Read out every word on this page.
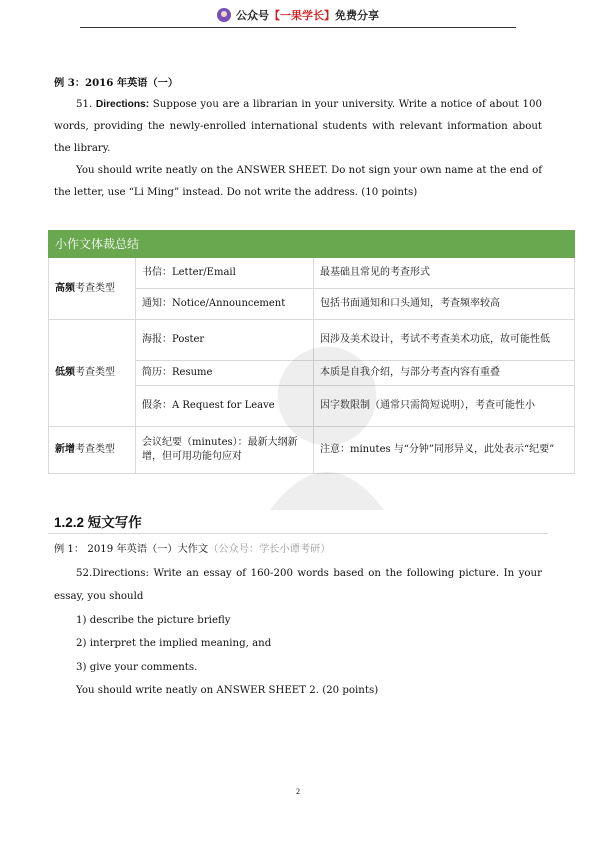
公众号 【 一果学长 】 免费分享

例 3：2016 年英语（一）

51. Directions: Suppose you are a librarian in your university. Write a notice of about 100 words, providing the newly-enrolled international students with relevant information about the library.

You should write neatly on the ANSWER SHEET. Do not sign your own name at the end of the letter, use “Li Ming” instead. Do not write the address. (10 points)

小作文体裁总结		
高频考查类型	书信：Letter/Email	最基础且常见的考查形式
	通知：Notice/Announcement	包括书面通知和口头通知，考查频率较高
低频考查类型	海报：Poster	因涉及美术设计，考试不考查美术功底，故可能性低
	简历：Resume	本质是自我介绍，与部分考查内容有重叠
	假条：A Request for Leave	因字数限制（通常只需简短说明），考查可能性小
新增考查类型	会议纪要（minutes）：最新大纲新增，但可用功能句应对	注意：minutes 与“分钟”同形异义，此处表示“纪要”
1.2.2 短文写作

例 1： 2019 年英语（一）大作文（公众号：学长小谭考研）

52.Directions: Write an essay of 160-200 words based on the following picture. In your essay, you should

1) describe the picture briefly

2) interpret the implied meaning, and

3) give your comments.

You should write neatly on ANSWER SHEET 2. (20 points)

2
